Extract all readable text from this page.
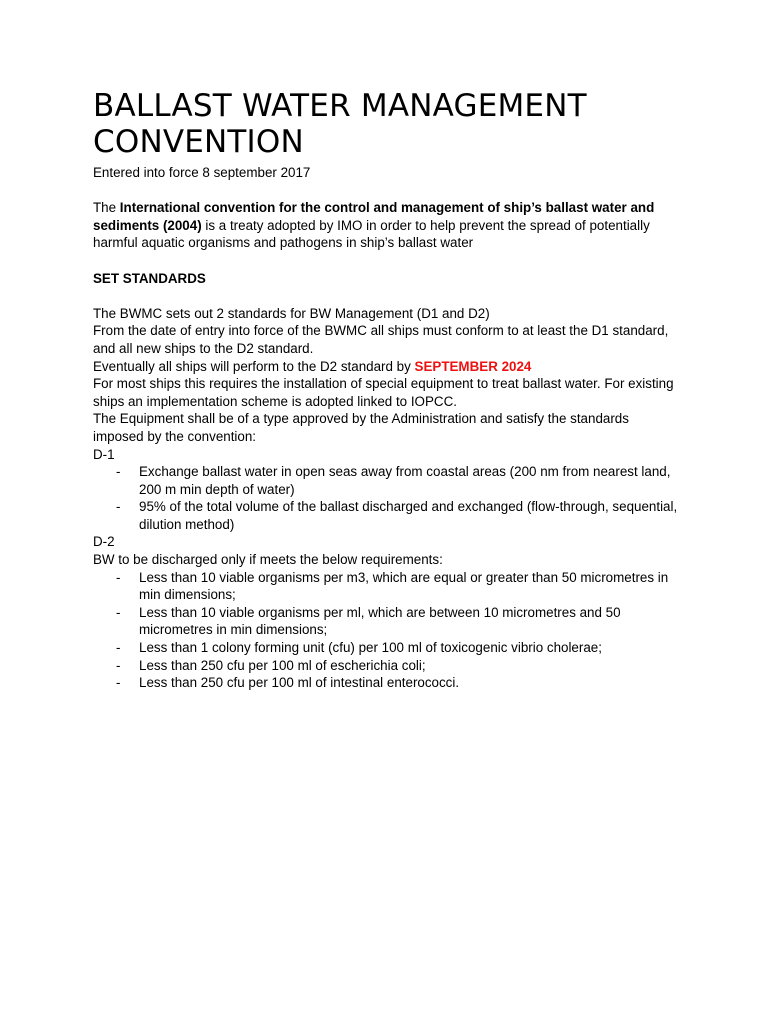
BALLAST WATER MANAGEMENT CONVENTION

Entered into force 8 september 2017

The International convention for the control and management of ship’s ballast water and sediments (2004) is a treaty adopted by IMO in order to help prevent the spread of potentially harmful aquatic organisms and pathogens in ship’s ballast water

SET STANDARDS

The BWMC sets out 2 standards for BW Management (D1 and D2)

From the date of entry into force of the BWMC all ships must conform to at least the D1 standard, and all new ships to the D2 standard.

Eventually all ships will perform to the D2 standard by SEPTEMBER 2024

For most ships this requires the installation of special equipment to treat ballast water. For existing ships an implementation scheme is adopted linked to IOPCC.

The Equipment shall be of a type approved by the Administration and satisfy the standards imposed by the convention:

D-1

- Exchange ballast water in open seas away from coastal areas (200 nm from nearest land, 200 m min depth of water)
- 95% of the total volume of the ballast discharged and exchanged (flow-through, sequential, dilution method)

D-2

BW to be discharged only if meets the below requirements:

- Less than 10 viable organisms per m3, which are equal or greater than 50 micrometres in min dimensions;
- Less than 10 viable organisms per ml, which are between 10 micrometres and 50 micrometres in min dimensions;
- Less than 1 colony forming unit (cfu) per 100 ml of toxicogenic vibrio cholerae;
- Less than 250 cfu per 100 ml of escherichia coli;
- Less than 250 cfu per 100 ml of intestinal enterococci.
